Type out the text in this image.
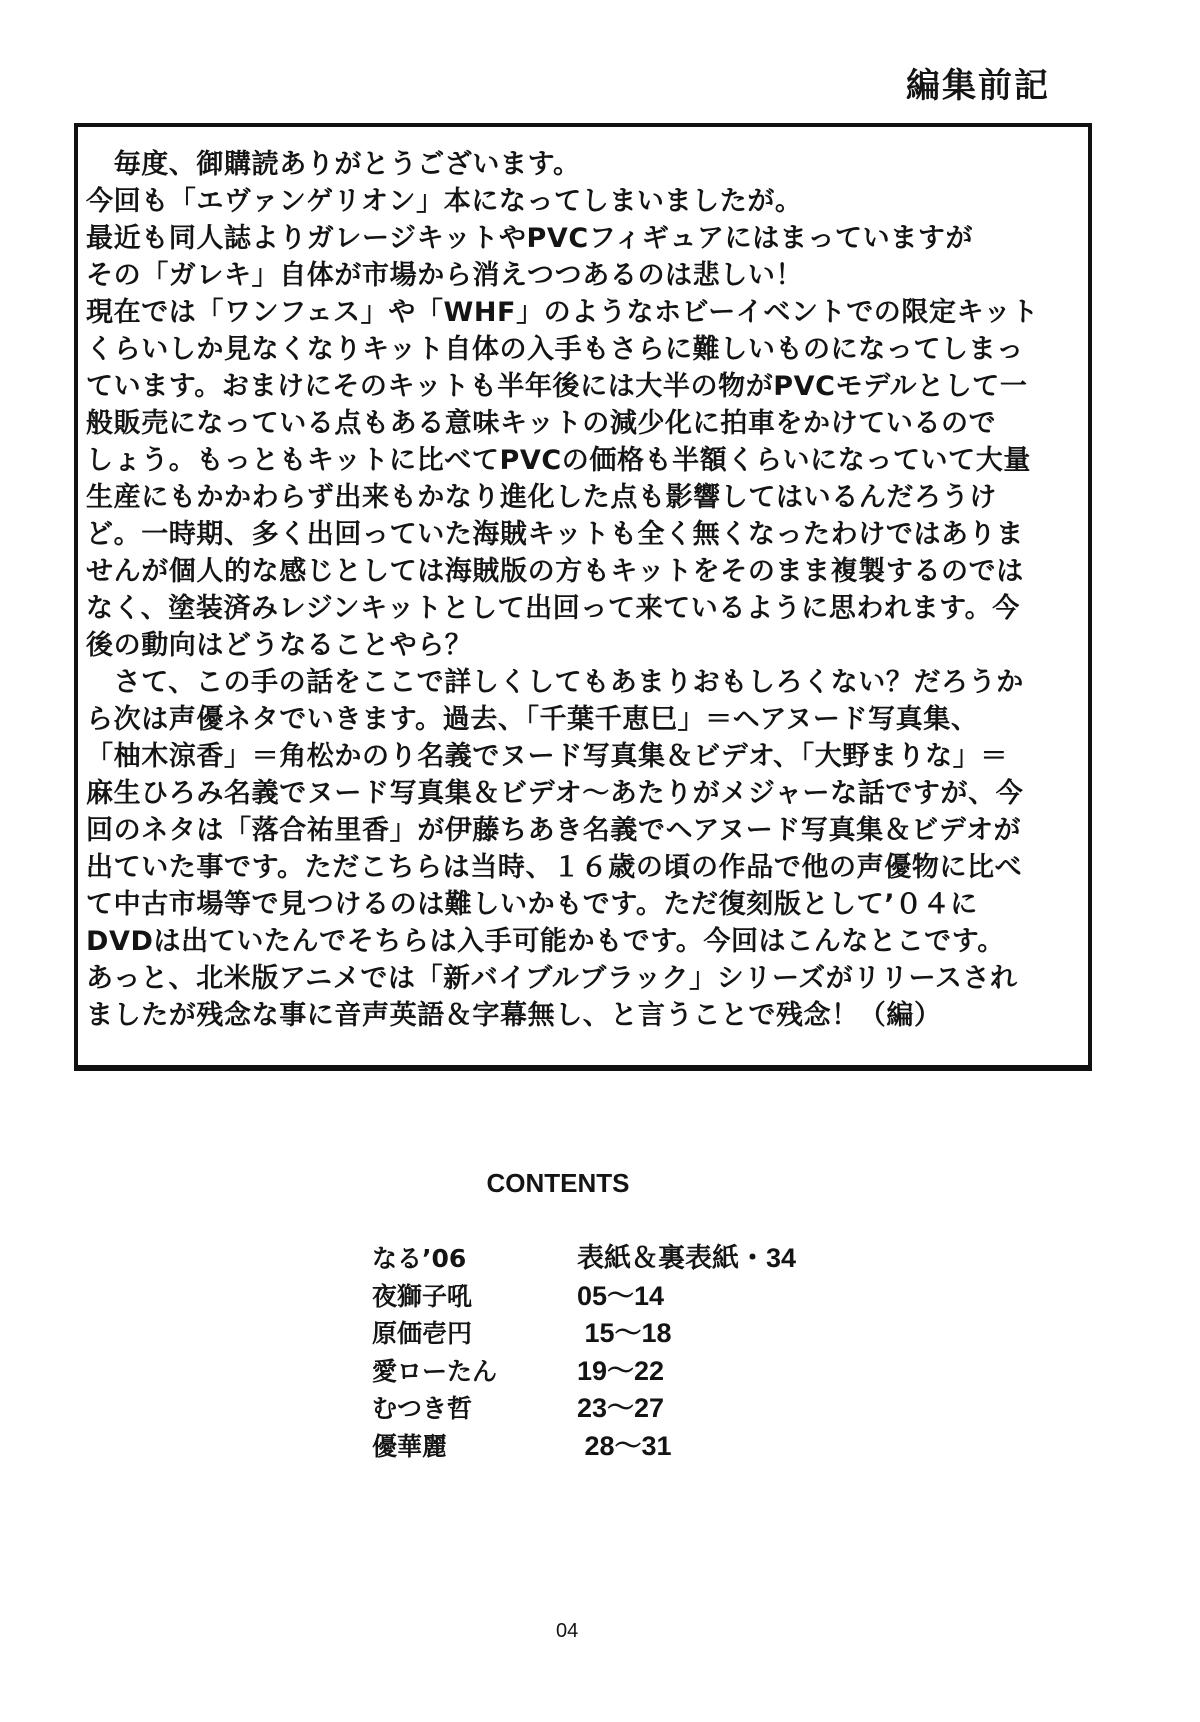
編集前記
　毎度、御購読ありがとうございます。
今回も「エヴァンゲリオン」本になってしまいましたが。
最近も同人誌よりガレージキットやPVCフィギュアにはまっていますが
その「ガレキ」自体が市場から消えつつあるのは悲しい！
現在では「ワンフェス」や「WHF」のようなホビーイベントでの限定キット
くらいしか見なくなりキット自体の入手もさらに難しいものになってしまっ
ています。おまけにそのキットも半年後には大半の物がPVCモデルとして一
般販売になっている点もある意味キットの減少化に拍車をかけているので
しょう。もっともキットに比べてPVCの価格も半額くらいになっていて大量
生産にもかかわらず出来もかなり進化した点も影響してはいるんだろうけ
ど。一時期、多く出回っていた海賊キットも全く無くなったわけではありま
せんが個人的な感じとしては海賊版の方もキットをそのまま複製するのでは
なく、塗装済みレジンキットとして出回って来ているように思われます。今
後の動向はどうなることやら？
　さて、この手の話をここで詳しくしてもあまりおもしろくない？だろうか
ら次は声優ネタでいきます。過去、「千葉千恵巳」＝ヘアヌード写真集、
「柚木涼香」＝角松かのり名義でヌード写真集＆ビデオ、「大野まりな」＝
麻生ひろみ名義でヌード写真集＆ビデオ～あたりがメジャーな話ですが、今
回のネタは「落合祐里香」が伊藤ちあき名義でヘアヌード写真集＆ビデオが
出ていた事です。ただこちらは当時、１６歳の頃の作品で他の声優物に比べ
て中古市場等で見つけるのは難しいかもです。ただ復刻版として’０４に
DVDは出ていたんでそちらは入手可能かもです。今回はこんなとこです。
あっと、北米版アニメでは「新バイブルブラック」シリーズがリリースされ
ましたが残念な事に音声英語＆字幕無し、と言うことで残念！（編）
CONTENTS
なる’06	表紙＆裏表紙・34
夜獅子吼	05～14
原価壱円	15～18
愛ローたん	19～22
むつき哲	23～27
優華麗	28～31
04
